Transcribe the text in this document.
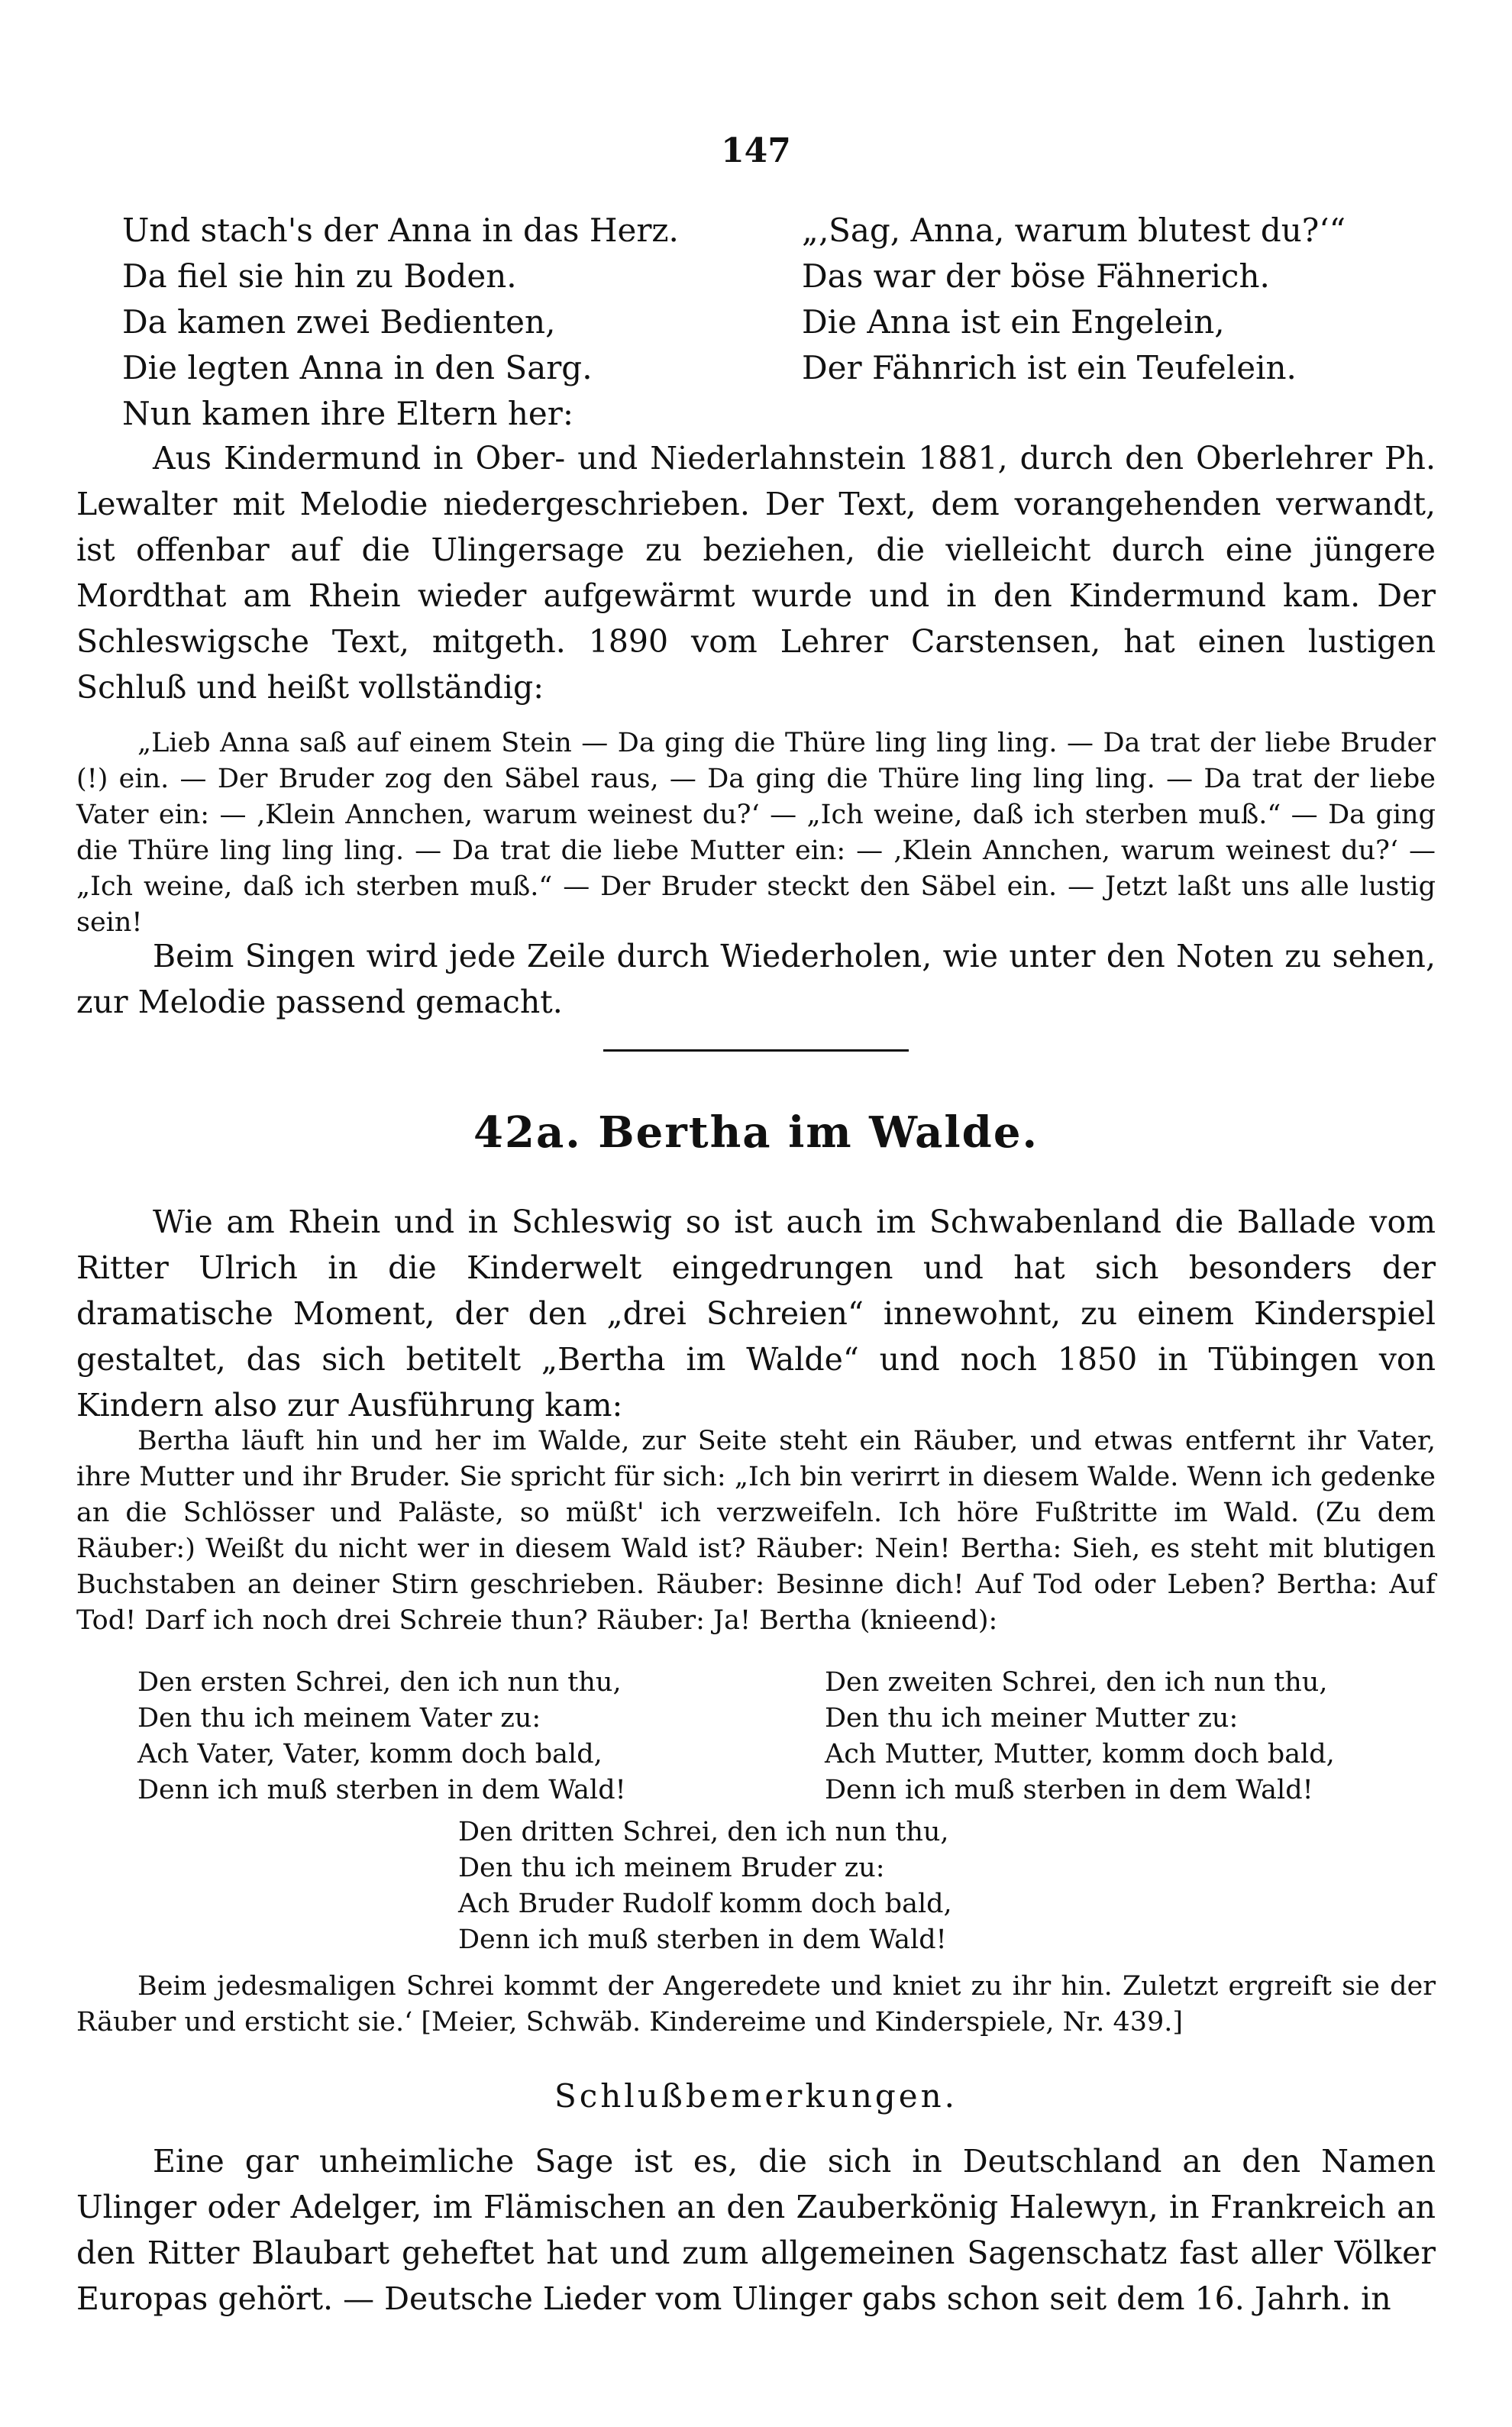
147
Und stach's der Anna in das Herz.
Da fiel sie hin zu Boden.
Da kamen zwei Bedienten,
Die legten Anna in den Sarg.
Nun kamen ihre Eltern her:
„‚Sag, Anna, warum blutest du?‘“
Das war der böse Fähnerich.
Die Anna ist ein Engelein,
Der Fähnrich ist ein Teufelein.

Aus Kindermund in Ober- und Niederlahnstein 1881, durch den Oberlehrer Ph. Lewalter mit Melodie niedergeschrieben. Der Text, dem vorangehenden verwandt, ist offenbar auf die Ulingersage zu beziehen, die vielleicht durch eine jüngere Mordthat am Rhein wieder aufgewärmt wurde und in den Kindermund kam. Der Schleswigsche Text, mitgeth. 1890 vom Lehrer Carstensen, hat einen lustigen Schluß und heißt vollständig:

„Lieb Anna saß auf einem Stein — Da ging die Thüre ling ling ling. — Da trat der liebe Bruder (!) ein. — Der Bruder zog den Säbel raus, — Da ging die Thüre ling ling ling. — Da trat der liebe Vater ein: — ‚Klein Annchen, warum weinest du?‘ — „Ich weine, daß ich sterben muß.“ — Da ging die Thüre ling ling ling. — Da trat die liebe Mutter ein: — ‚Klein Annchen, warum weinest du?‘ — „Ich weine, daß ich sterben muß.“ — Der Bruder steckt den Säbel ein. — Jetzt laßt uns alle lustig sein!

Beim Singen wird jede Zeile durch Wiederholen, wie unter den Noten zu sehen, zur Melodie passend gemacht.

42a. Bertha im Walde.

Wie am Rhein und in Schleswig so ist auch im Schwabenland die Ballade vom Ritter Ulrich in die Kinderwelt eingedrungen und hat sich besonders der dramatische Moment, der den „drei Schreien“ innewohnt, zu einem Kinderspiel gestaltet, das sich betitelt „Bertha im Walde“ und noch 1850 in Tübingen von Kindern also zur Ausführung kam:

Bertha läuft hin und her im Walde, zur Seite steht ein Räuber, und etwas entfernt ihr Vater, ihre Mutter und ihr Bruder. Sie spricht für sich: „Ich bin verirrt in diesem Walde. Wenn ich gedenke an die Schlösser und Paläste, so müßt' ich verzweifeln. Ich höre Fußtritte im Wald. (Zu dem Räuber:) Weißt du nicht wer in diesem Wald ist? Räuber: Nein! Bertha: Sieh, es steht mit blutigen Buchstaben an deiner Stirn geschrieben. Räuber: Besinne dich! Auf Tod oder Leben? Bertha: Auf Tod! Darf ich noch drei Schreie thun? Räuber: Ja! Bertha (knieend):

Den ersten Schrei, den ich nun thu,
Den thu ich meinem Vater zu:
Ach Vater, Vater, komm doch bald,
Denn ich muß sterben in dem Wald!
Den zweiten Schrei, den ich nun thu,
Den thu ich meiner Mutter zu:
Ach Mutter, Mutter, komm doch bald,
Denn ich muß sterben in dem Wald!
Den dritten Schrei, den ich nun thu,
Den thu ich meinem Bruder zu:
Ach Bruder Rudolf komm doch bald,
Denn ich muß sterben in dem Wald!

Beim jedesmaligen Schrei kommt der Angeredete und kniet zu ihr hin. Zuletzt ergreift sie der Räuber und ersticht sie.‘ [Meier, Schwäb. Kindereime und Kinderspiele, Nr. 439.]

Schlußbemerkungen.

Eine gar unheimliche Sage ist es, die sich in Deutschland an den Namen Ulinger oder Adelger, im Flämischen an den Zauberkönig Halewyn, in Frankreich an den Ritter Blaubart geheftet hat und zum allgemeinen Sagenschatz fast aller Völker Europas gehört. — Deutsche Lieder vom Ulinger gabs schon seit dem 16. Jahrh. in
